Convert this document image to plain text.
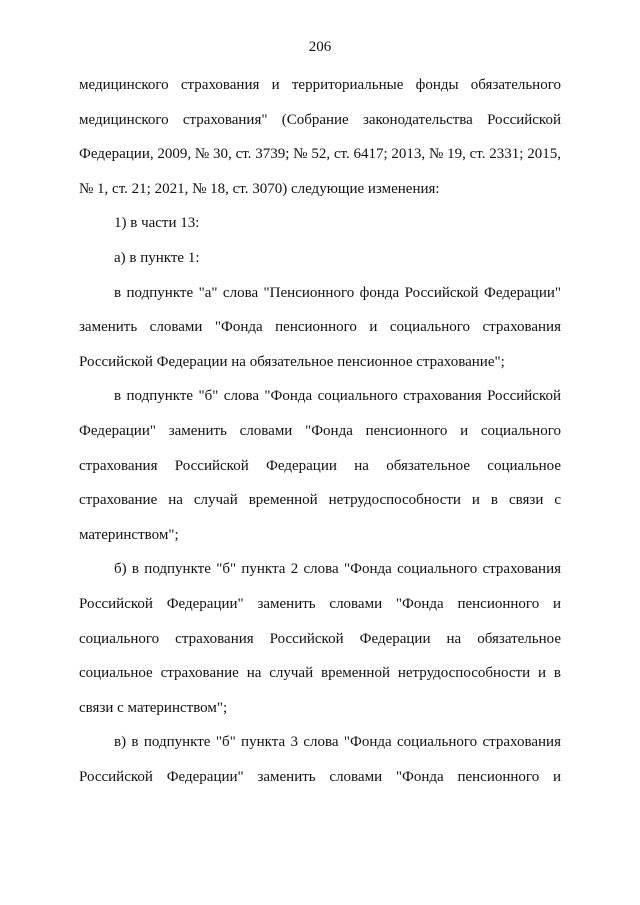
206

медицинского страхования и территориальные фонды обязательного медицинского страхования" (Собрание законодательства Российской Федерации, 2009, № 30, ст. 3739; № 52, ст. 6417; 2013, № 19, ст. 2331; 2015, № 1, ст. 21; 2021, № 18, ст. 3070) следующие изменения:

1) в части 13:

а) в пункте 1:

в подпункте "а" слова "Пенсионного фонда Российской Федерации" заменить словами "Фонда пенсионного и социального страхования Российской Федерации на обязательное пенсионное страхование";

в подпункте "б" слова "Фонда социального страхования Российской Федерации" заменить словами "Фонда пенсионного и социального страхования Российской Федерации на обязательное социальное страхование на случай временной нетрудоспособности и в связи с материнством";

б) в подпункте "б" пункта 2 слова "Фонда социального страхования Российской Федерации" заменить словами "Фонда пенсионного и социального страхования Российской Федерации на обязательное социальное страхование на случай временной нетрудоспособности и в связи с материнством";

в) в подпункте "б" пункта 3 слова "Фонда социального страхования Российской Федерации" заменить словами "Фонда пенсионного и
